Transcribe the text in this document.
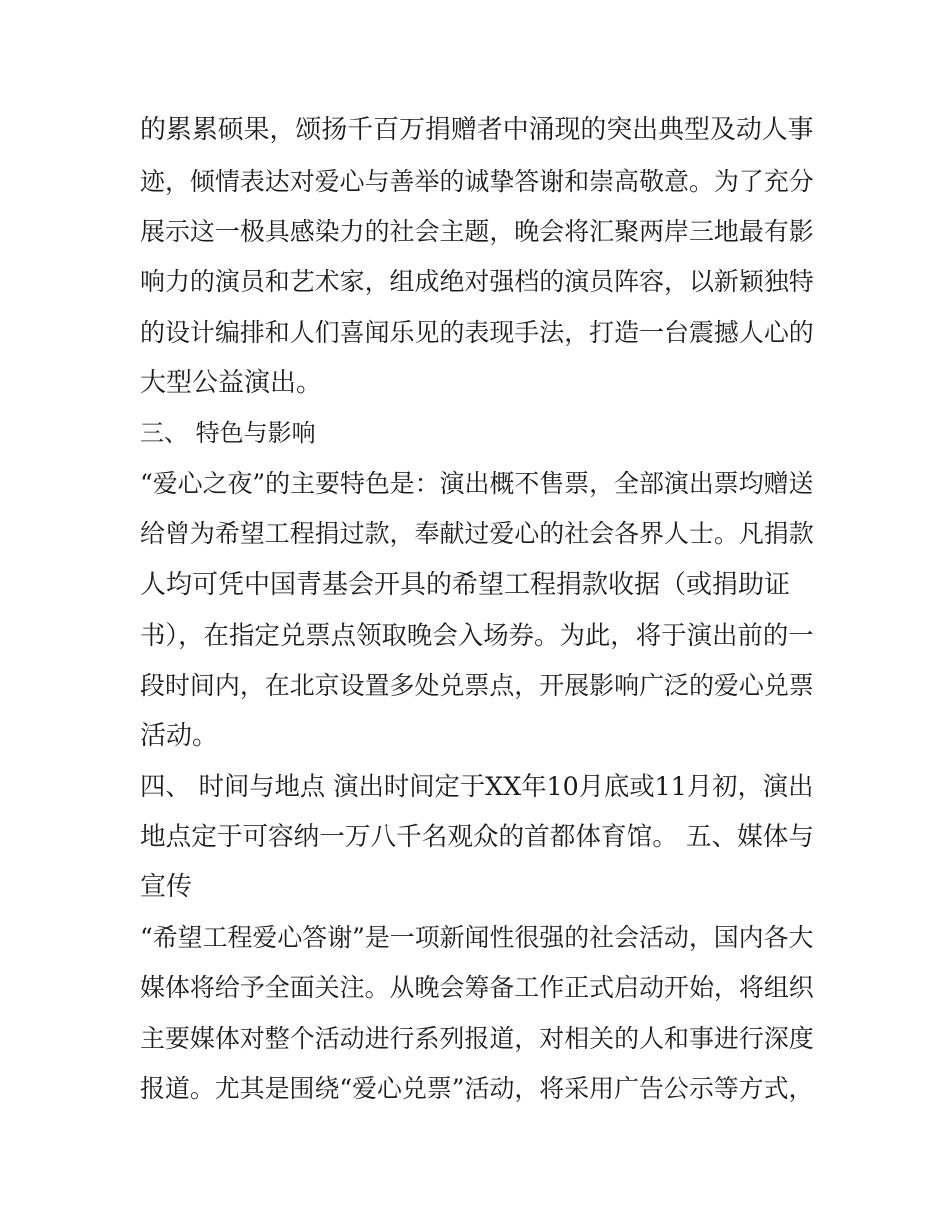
的累累硕果，颂扬千百万捐赠者中涌现的突出典型及动人事
迹，倾情表达对爱心与善举的诚挚答谢和崇高敬意。为了充分
展示这一极具感染力的社会主题，晚会将汇聚两岸三地最有影
响力的演员和艺术家，组成绝对强档的演员阵容，以新颖独特
的设计编排和人们喜闻乐见的表现手法，打造一台震撼人心的
大型公益演出。
三、 特色与影响
“爱心之夜”的主要特色是：演出概不售票，全部演出票均赠送
给曾为希望工程捐过款，奉献过爱心的社会各界人士。凡捐款
人均可凭中国青基会开具的希望工程捐款收据（或捐助证
书），在指定兑票点领取晚会入场券。为此，将于演出前的一
段时间内，在北京设置多处兑票点，开展影响广泛的爱心兑票
活动。
四、 时间与地点 演出时间定于XX年10月底或11月初，演出
地点定于可容纳一万八千名观众的首都体育馆。 五、媒体与
宣传
“希望工程爱心答谢”是一项新闻性很强的社会活动，国内各大
媒体将给予全面关注。从晚会筹备工作正式启动开始，将组织
主要媒体对整个活动进行系列报道，对相关的人和事进行深度
报道。尤其是围绕“爱心兑票”活动，将采用广告公示等方式，
